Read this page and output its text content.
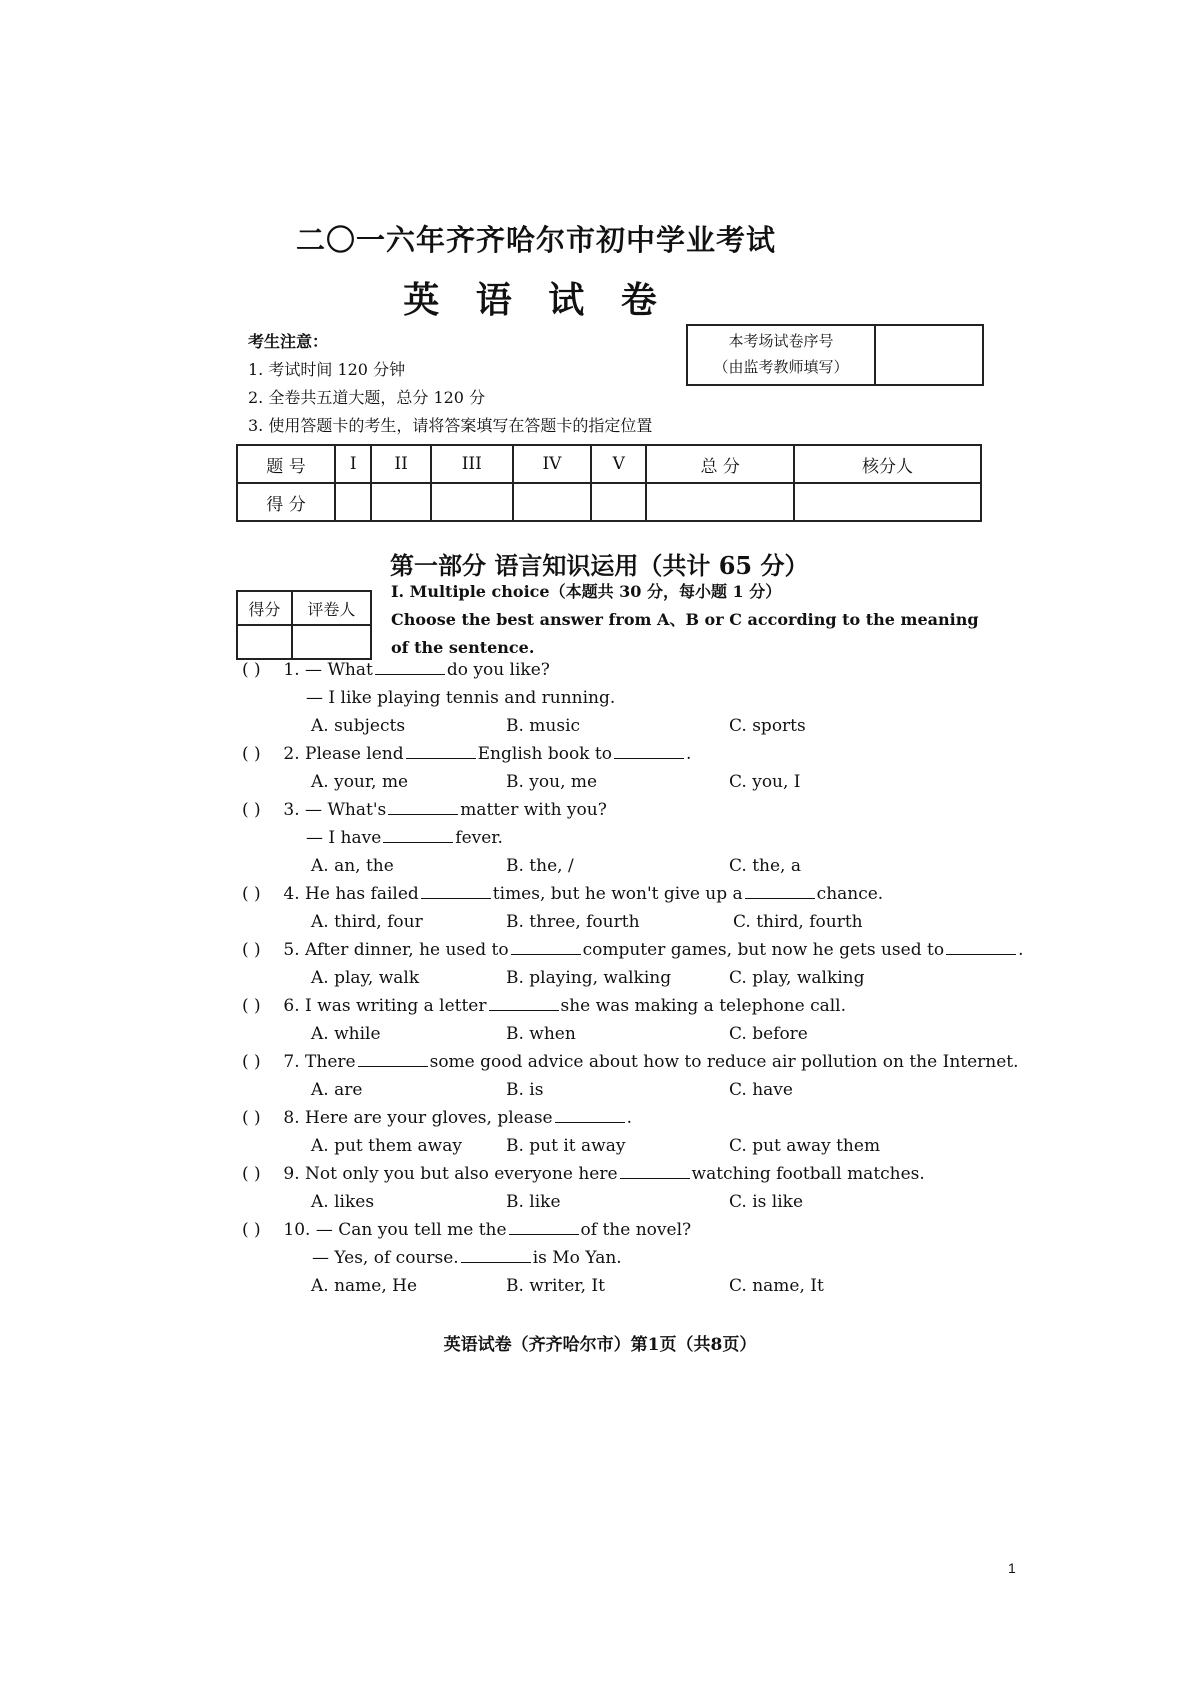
二〇一六年齐齐哈尔市初中学业考试
英 语 试 卷
考生注意：
1. 考试时间 120 分钟
2. 全卷共五道大题，总分 120 分
3. 使用答题卡的考生，请将答案填写在答题卡的指定位置
本考场试卷序号
（由监考教师填写）
题 号	I	II	III	IV	V	总 分	核分人
得 分							
第一部分 语言知识运用（共计 65 分）
得分	评卷人

I. Multiple choice（本题共 30 分，每小题 1 分）
Choose the best answer from A、B or C according to the meaning of the sentence.
( ) 1. — What	do you like?
— I like playing tennis and running.
A. subjects	B. music	C. sports
( ) 2. Please lend	English book to	.
A. your, me	B. you, me	C. you, I
( ) 3. — What's	matter with you?
— I have	fever.
A. an, the	B. the, /	C. the, a
( ) 4. He has failed	times, but he won't give up a	chance.
A. third, four	B. three, fourth	C. third, fourth
( ) 5. After dinner, he used to	computer games, but now he gets used to	.
A. play, walk	B. playing, walking	C. play, walking
( ) 6. I was writing a letter	she was making a telephone call.
A. while	B. when	C. before
( ) 7. There	some good advice about how to reduce air pollution on the Internet.
A. are	B. is	C. have
( ) 8. Here are your gloves, please	.
A. put them away	B. put it away	C. put away them
( ) 9. Not only you but also everyone here	watching football matches.
A. likes	B. like	C. is like
( ) 10. — Can you tell me the	of the novel?
— Yes, of course.	is Mo Yan.
A. name, He	B. writer, It	C. name, It
英语试卷（齐齐哈尔市）第1页（共8页）
1
